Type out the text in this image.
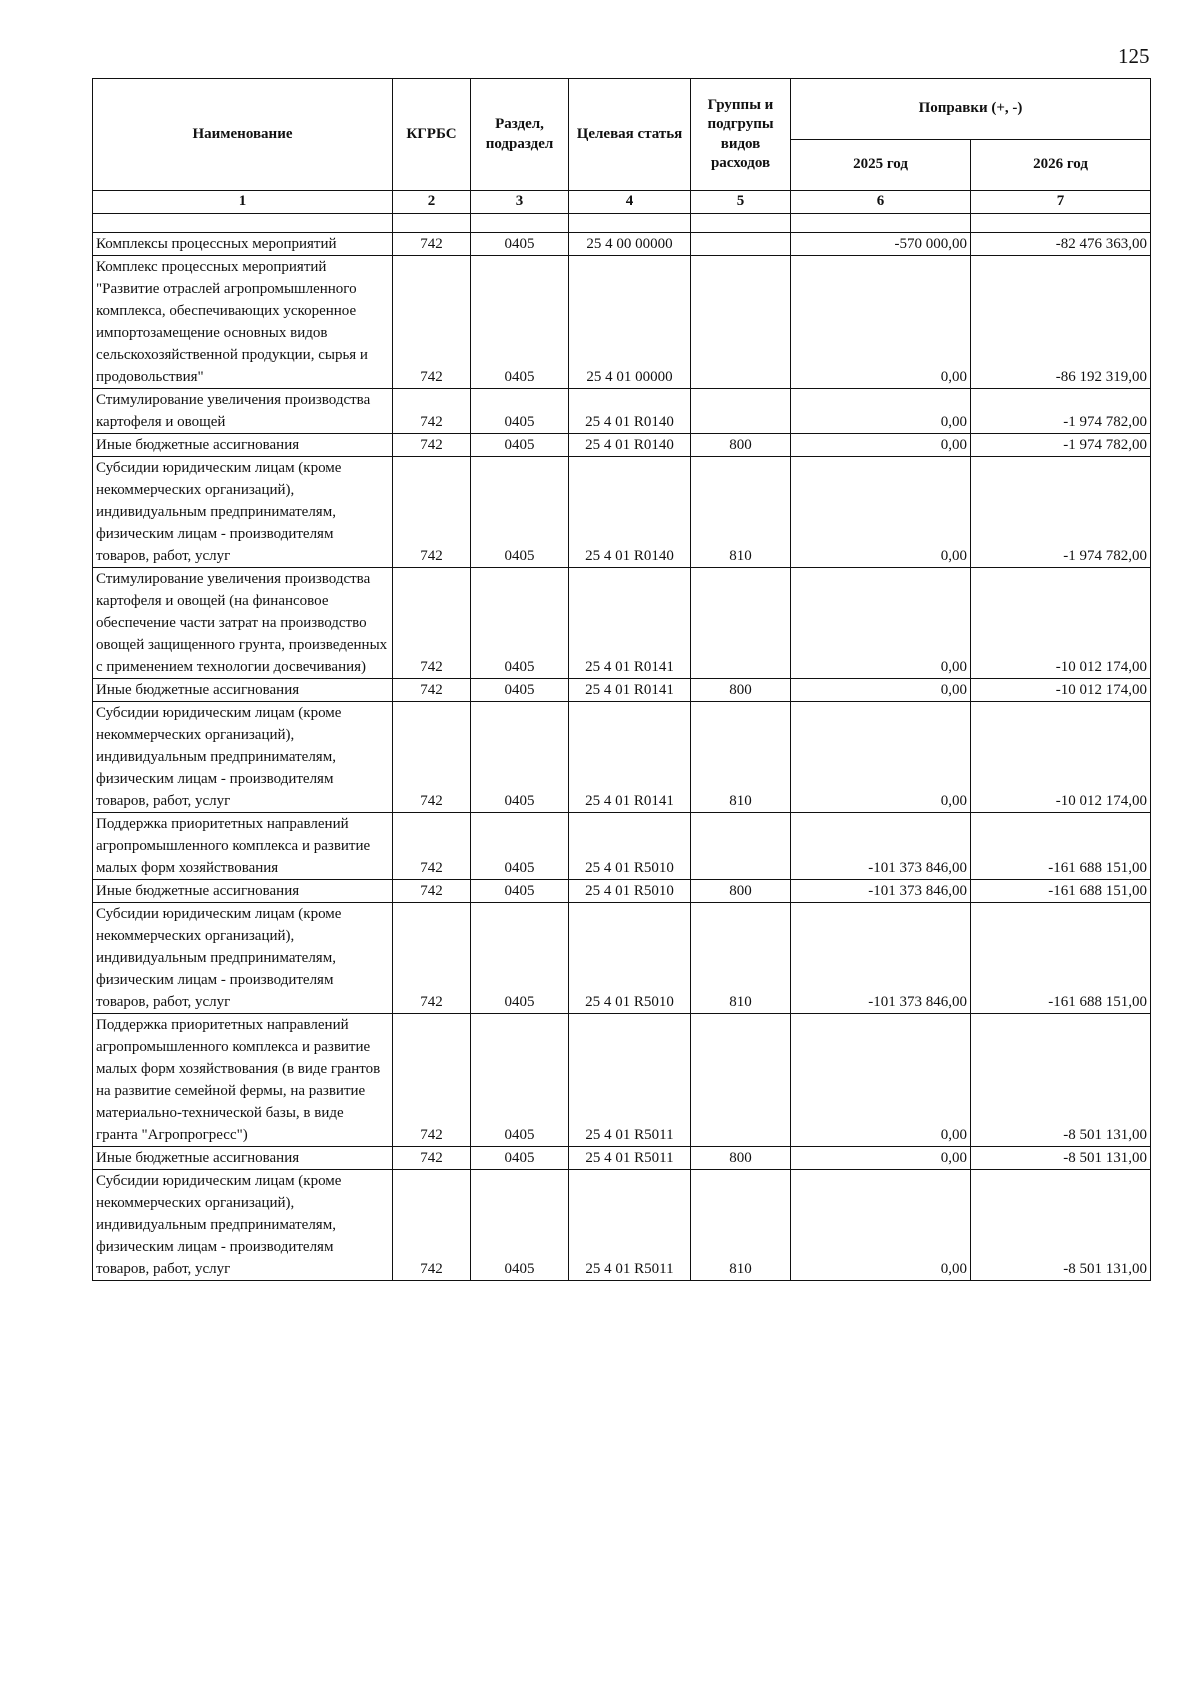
125
Наименование	КГРБС	Раздел, подраздел	Целевая статья	Группы и подгрупы видов расходов	Поправки (+, -)	
					2025 год	2026 год
1	2	3	4	5	6	7

Комплексы процессных мероприятий	742	0405	25 4 00 00000		-570 000,00	-82 476 363,00
Комплекс процессных мероприятий "Развитие отраслей агропромышленного комплекса, обеспечивающих ускоренное импортозамещение основных видов сельскохозяйственной продукции, сырья и продовольствия"	742	0405	25 4 01 00000		0,00	-86 192 319,00
Стимулирование увеличения производства картофеля и овощей	742	0405	25 4 01 R0140		0,00	-1 974 782,00
Иные бюджетные ассигнования	742	0405	25 4 01 R0140	800	0,00	-1 974 782,00
Субсидии юридическим лицам (кроме некоммерческих организаций), индивидуальным предпринимателям, физическим лицам - производителям товаров, работ, услуг	742	0405	25 4 01 R0140	810	0,00	-1 974 782,00
Стимулирование увеличения производства картофеля и овощей (на финансовое обеспечение части затрат на производство овощей защищенного грунта, произведенных с применением технологии досвечивания)	742	0405	25 4 01 R0141		0,00	-10 012 174,00
Иные бюджетные ассигнования	742	0405	25 4 01 R0141	800	0,00	-10 012 174,00
Субсидии юридическим лицам (кроме некоммерческих организаций), индивидуальным предпринимателям, физическим лицам - производителям товаров, работ, услуг	742	0405	25 4 01 R0141	810	0,00	-10 012 174,00
Поддержка приоритетных направлений агропромышленного комплекса и развитие малых форм хозяйствования	742	0405	25 4 01 R5010		-101 373 846,00	-161 688 151,00
Иные бюджетные ассигнования	742	0405	25 4 01 R5010	800	-101 373 846,00	-161 688 151,00
Субсидии юридическим лицам (кроме некоммерческих организаций), индивидуальным предпринимателям, физическим лицам - производителям товаров, работ, услуг	742	0405	25 4 01 R5010	810	-101 373 846,00	-161 688 151,00
Поддержка приоритетных направлений агропромышленного комплекса и развитие малых форм хозяйствования (в виде грантов на развитие семейной фермы, на развитие материально-технической базы, в виде гранта "Агропрогресс")	742	0405	25 4 01 R5011		0,00	-8 501 131,00
Иные бюджетные ассигнования	742	0405	25 4 01 R5011	800	0,00	-8 501 131,00
Субсидии юридическим лицам (кроме некоммерческих организаций), индивидуальным предпринимателям, физическим лицам - производителям товаров, работ, услуг	742	0405	25 4 01 R5011	810	0,00	-8 501 131,00
